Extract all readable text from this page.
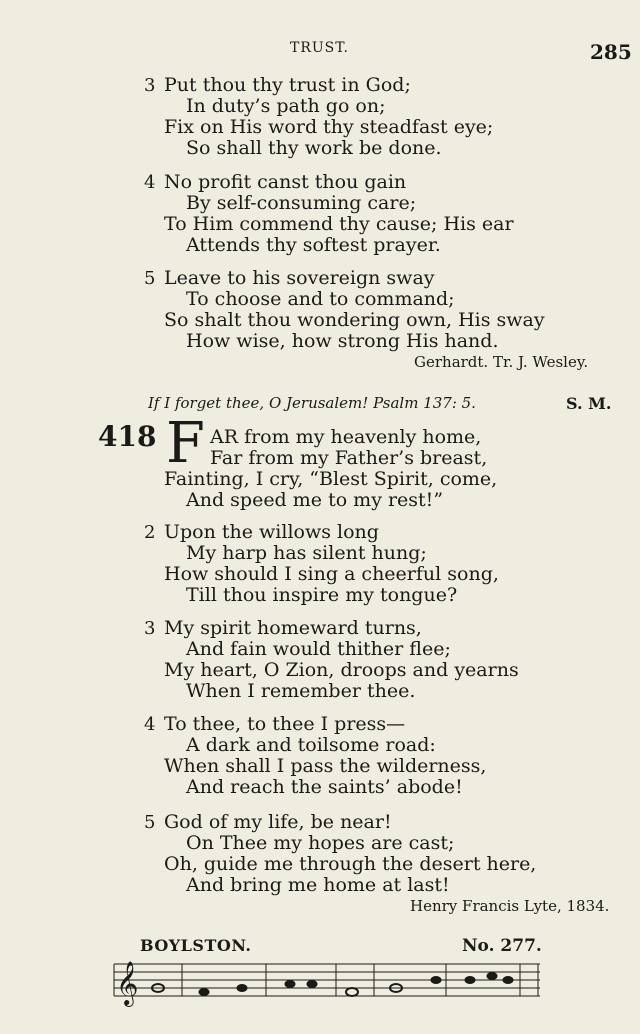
TRUST.	285
3 Put thou thy trust in God;
In duty’s path go on;
Fix on His word thy steadfast eye;
So shall thy work be done.
4 No profit canst thou gain
By self-consuming care;
To Him commend thy cause; His ear
Attends thy softest prayer.
5 Leave to his sovereign sway
To choose and to command;
So shalt thou wondering own, His sway
How wise, how strong His hand.
Gerhardt. Tr. J. Wesley.
If I forget thee, O Jerusalem! Psalm 137: 5.	S. M.
418 F AR from my heavenly home,
Far from my Father’s breast,
Fainting, I cry, “Blest Spirit, come,
And speed me to my rest!”
2 Upon the willows long
My harp has silent hung;
How should I sing a cheerful song,
Till thou inspire my tongue?
3 My spirit homeward turns,
And fain would thither flee;
My heart, O Zion, droops and yearns
When I remember thee.
4 To thee, to thee I press—
A dark and toilsome road:
When shall I pass the wilderness,
And reach the saints’ abode!
5 God of my life, be near!
On Thee my hopes are cast;
Oh, guide me through the desert here,
And bring me home at last!
Henry Francis Lyte, 1834.
BOYLSTON.	No. 277.
𝄞
